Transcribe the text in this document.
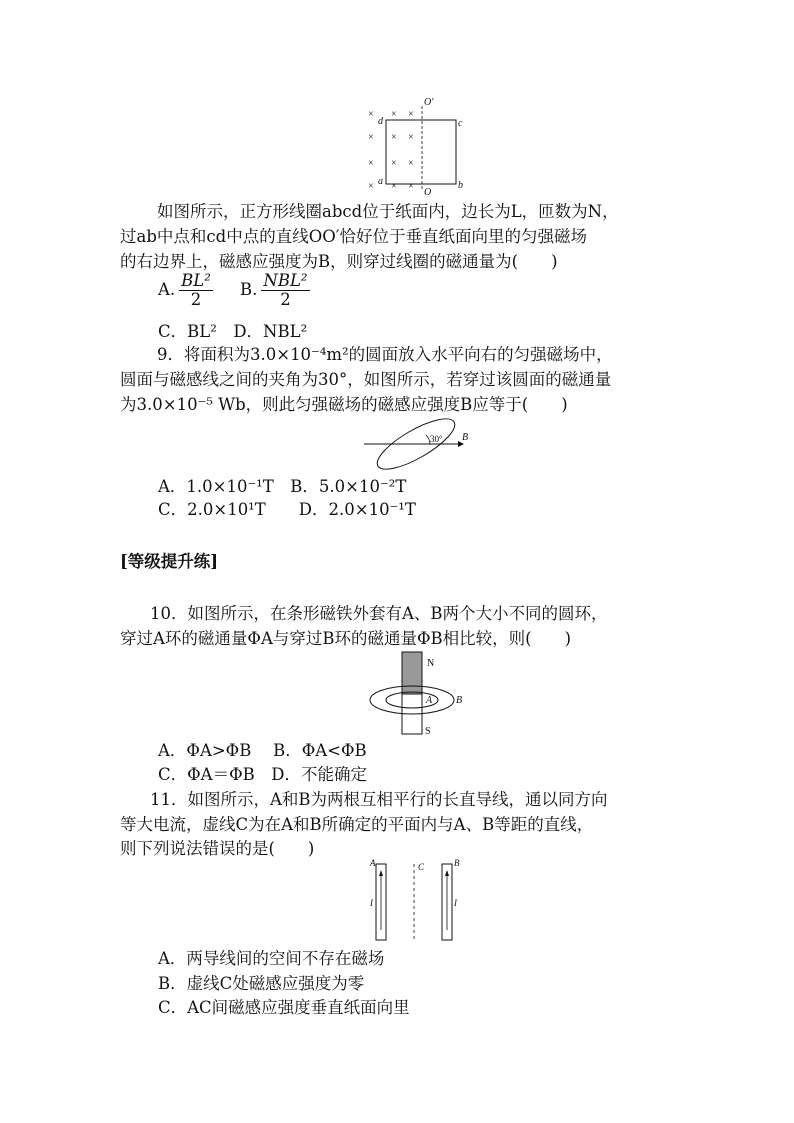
× × ×
× × ×
× × ×
× × ×
O′
O
d
a
c
b
如图所示，正方形线圈abcd位于纸面内，边长为L，匝数为N，
过ab中点和cd中点的直线OO′恰好位于垂直纸面向里的匀强磁场
的右边界上，磁感应强度为B，则穿过线圈的磁通量为(　　)
A. $\frac{\text{BL²}}{2} B$. $\frac{\text{NBL²}}{2}$
C．BL²　D．NBL²
9．将面积为3.0×10⁻⁴m²的圆面放入水平向右的匀强磁场中，
圆面与磁感线之间的夹角为30°，如图所示，若穿过该圆面的磁通量
为3.0×10⁻⁵ Wb，则此匀强磁场的磁感应强度B应等于(　　)
30° B
A．1.0×10⁻¹T　B．5.0×10⁻²T
C．2.0×10¹T　　D．2.0×10⁻¹T
[等级提升练]
10．如图所示，在条形磁铁外套有A、B两个大小不同的圆环，
穿过A环的磁通量ΦA与穿过B环的磁通量ΦB相比较，则(　　)
N
S
A B
A．ΦA>ΦB　 B．ΦA<ΦB
C．ΦA＝ΦB　D．不能确定
11．如图所示，A和B为两根互相平行的长直导线，通以同方向
等大电流，虚线C为在A和B所确定的平面内与A、B等距的直线，
则下列说法错误的是(　　)
A	B
C
I	I
A．两导线间的空间不存在磁场
B．虚线C处磁感应强度为零
C．AC间磁感应强度垂直纸面向里
